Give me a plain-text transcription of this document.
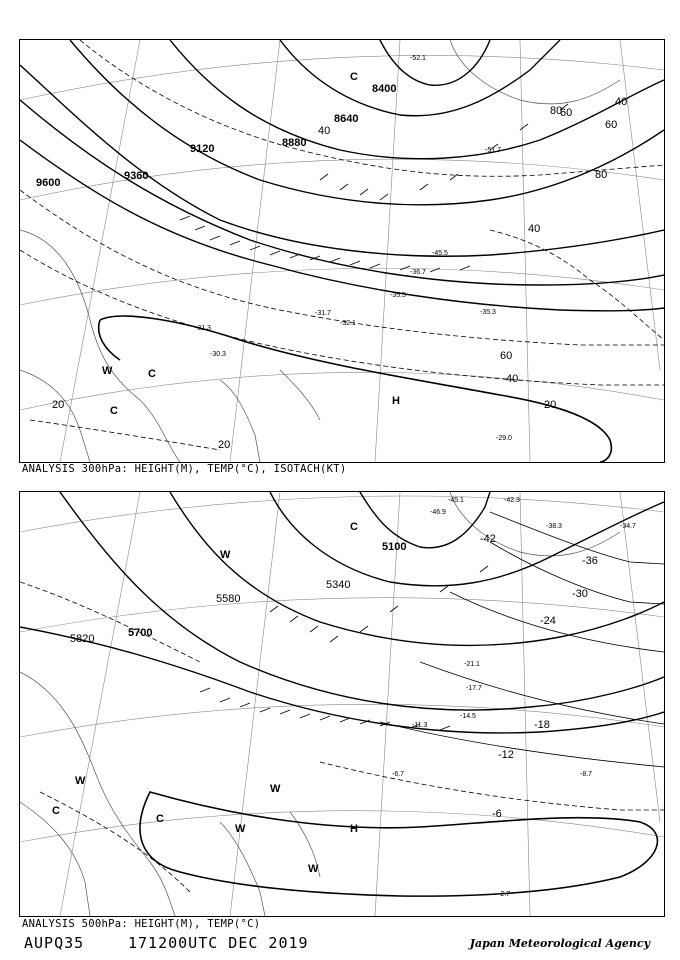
9600
9360
9120	8880
8640
8400
40
60
80
40
60
80
40
60
40
20
20
20
H
C
W	C
C
-35.5
-35.3
-32.1
-31.7
-36.7
-45.5
-51.7
-52.1
-31.3
-30.3
-29.0
ANALYSIS 300hPa: HEIGHT(M), TEMP(°C), ISOTACH(KT)
5820	5700
5580
5340
5100
-42
-36
-30
-24
-18
-12
-6
H
W
W
W
W
C
C
C
W
-45.1
-46.9
-42.3
-38.3	-34.7
-21.1
-17.7
-14.5
-11.3
-8.7
-6.7
-2.7
ANALYSIS 500hPa: HEIGHT(M), TEMP(°C)
AUPQ35	171200UTC DEC 2019	Japan Meteorological Agency
